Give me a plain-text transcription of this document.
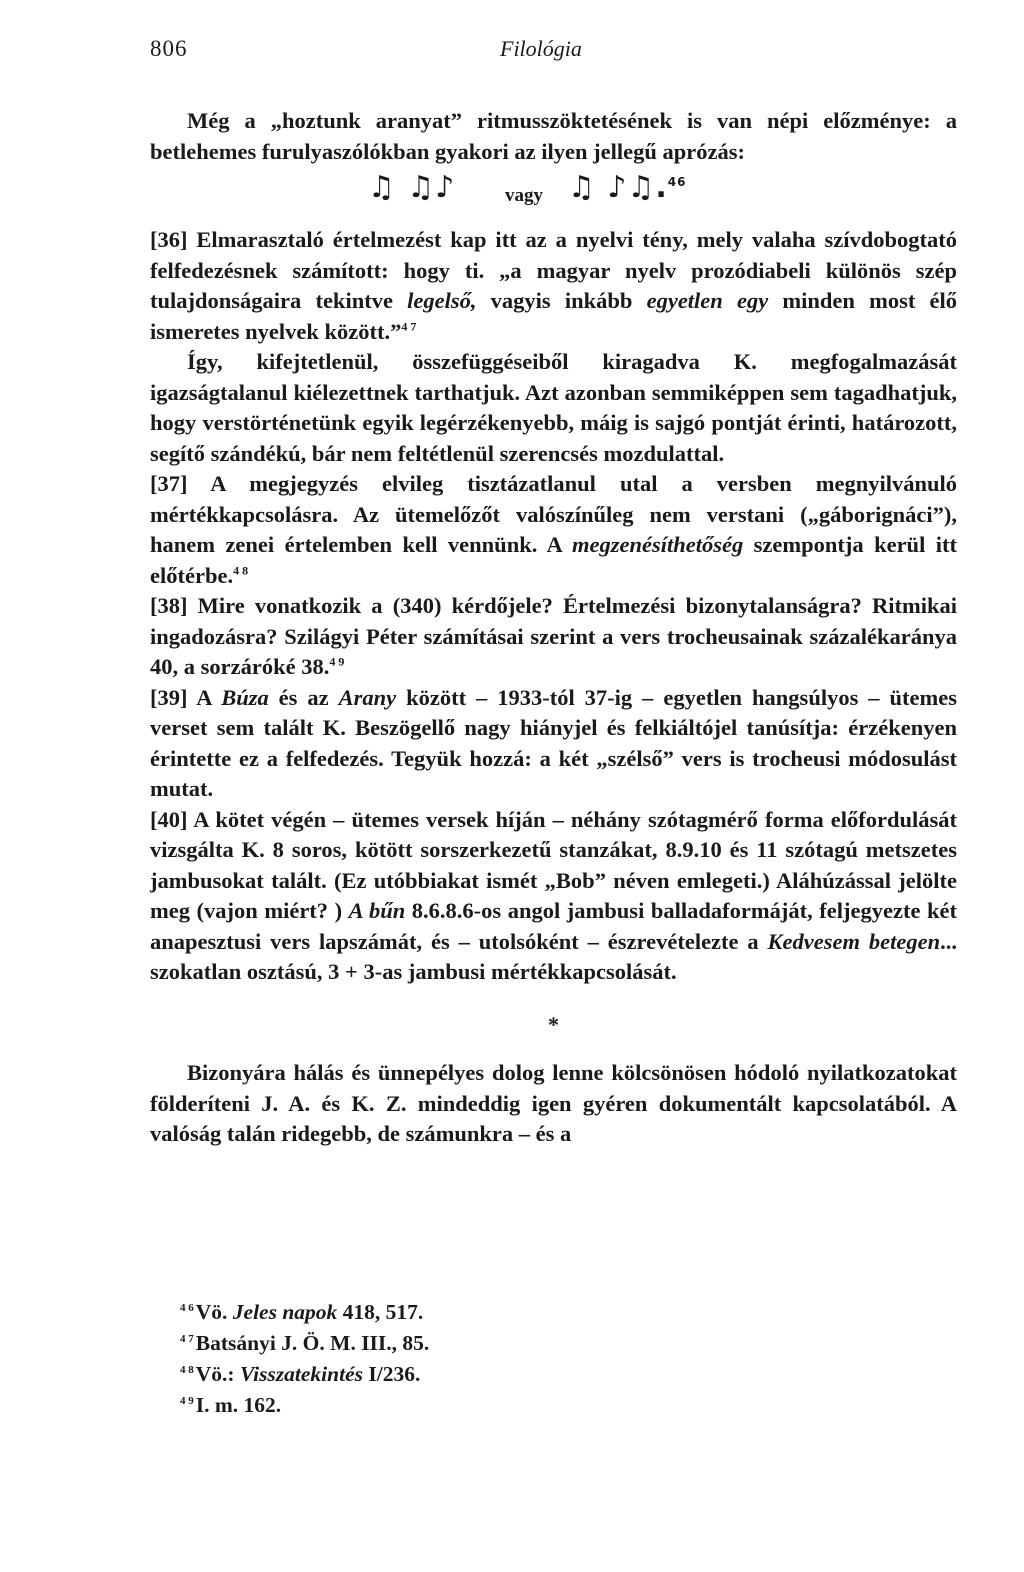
806	Filológia

Még a „hoztunk aranyat” ritmusszöktetésének is van népi előzménye: a betlehemes furulyaszólókban gyakori az ilyen jellegű aprózás:

♫ ♫♪	vagy ♫ ♪♫.$^{46}$

[36] Elmarasztaló értelmezést kap itt az a nyelvi tény, mely valaha szívdobogtató felfedezésnek számított: hogy ti. „a magyar nyelv prozódiabeli különös szép tulajdonságaira tekintve legelső, vagyis inkább egyetlen egy minden most élő ismeretes nyelvek között.”$^{4 7}$

Így, kifejtetlenül, összefüggéseiből kiragadva K. megfogalmazását igazságtalanul kiélezettnek tarthatjuk. Azt azonban semmiképpen sem tagadhatjuk, hogy verstörténetünk egyik legérzékenyebb, máig is sajgó pontját érinti, határozott, segítő szándékú, bár nem feltétlenül szerencsés mozdulattal.

[37] A megjegyzés elvileg tisztázatlanul utal a versben megnyilvánuló mértékkapcsolásra. Az ütemelőzőt valószínűleg nem verstani („gáborignáci”), hanem zenei értelemben kell vennünk. A megzenésíthetőség szempontja kerül itt előtérbe.$^{4 8}$

[38] Mire vonatkozik a (340) kérdőjele? Értelmezési bizonytalanságra? Ritmikai ingadozásra? Szilágyi Péter számításai szerint a vers trocheusainak százalékaránya 40, a sorzáróké 38.$^{4 9}$

[39] A Búza és az Arany között – 1933-tól 37-ig – egyetlen hangsúlyos – ütemes verset sem talált K. Beszögellő nagy hiányjel és felkiáltójel tanúsítja: érzékenyen érintette ez a felfedezés. Tegyük hozzá: a két „szélső” vers is trocheusi módosulást mutat.

[40] A kötet végén – ütemes versek híján – néhány szótagmérő forma előfordulását vizsgálta K. 8 soros, kötött sorszerkezetű stanzákat, 8.9.10 és 11 szótagú metszetes jambusokat talált. (Ez utóbbiakat ismét „Bob” néven emlegeti.) Aláhúzással jelölte meg (vajon miért? ) A bűn 8.6.8.6-os angol jambusi balladaformáját, feljegyezte két anapesztusi vers lapszámát, és – utolsóként – észrevételezte a Kedvesem betegen... szokatlan osztású, 3 + 3-as jambusi mértékkapcsolását.

*

Bizonyára hálás és ünnepélyes dolog lenne kölcsönösen hódoló nyilatkozatokat földeríteni J. A. és K. Z. mindeddig igen gyéren dokumentált kapcsolatából. A valóság talán ridegebb, de számunkra – és a

$^{4 6}$Vö. Jeles napok 418, 517.
$^{4 7}$Batsányi J. Ö. M. III., 85.
$^{4 8}$Vö.: Visszatekintés I/236.
$^{4 9}$I. m. 162.
